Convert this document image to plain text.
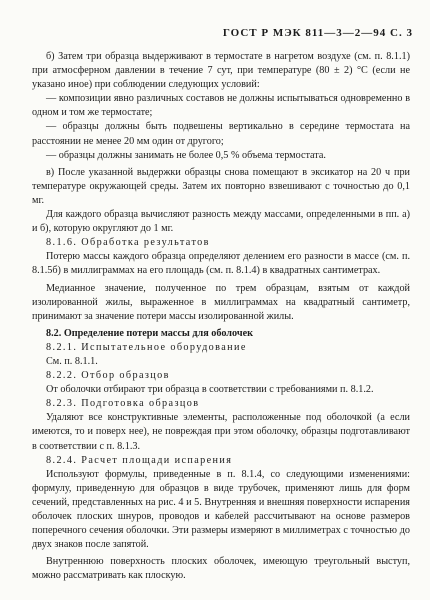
ГОСТ Р МЭК 811—3—2—94 С. 3

б) Затем три образца выдерживают в термостате в нагретом воздухе (см. п. 8.1.1) при атмосферном давлении в течение 7 сут, при температуре (80 ± 2) °С (если не указано иное) при соблюдении следующих условий:

— композиции явно различных составов не должны испытываться одновременно в одном и том же термостате;

— образцы должны быть подвешены вертикально в середине термостата на расстоянии не менее 20 мм один от другого;

— образцы должны занимать не более 0,5 % объема термостата.

в) После указанной выдержки образцы снова помещают в эксикатор на 20 ч при температуре окружающей среды. Затем их повторно взвешивают с точностью до 0,1 мг.

Для каждого образца вычисляют разность между массами, определенными в пп. а) и б), которую округляют до 1 мг.

8.1.6. Обработка результатов

Потерю массы каждого образца определяют делением его разности в массе (см. п. 8.1.5б) в миллиграммах на его площадь (см. п. 8.1.4) в квадратных сантиметрах.

Медианное значение, полученное по трем образцам, взятым от каждой изолированной жилы, выраженное в миллиграммах на квадратный сантиметр, принимают за значение потери массы изолированной жилы.

8.2. Определение потери массы для оболочек

8.2.1. Испытательное оборудование

См. п. 8.1.1.

8.2.2. Отбор образцов

От оболочки отбирают три образца в соответствии с требованиями п. 8.1.2.

8.2.3. Подготовка образцов

Удаляют все конструктивные элементы, расположенные под оболочкой (а если имеются, то и поверх нее), не повреждая при этом оболочку, образцы подготавливают в соответствии с п. 8.1.3.

8.2.4. Расчет площади испарения

Используют формулы, приведенные в п. 8.1.4, со следующими изменениями: формулу, приведенную для образцов в виде трубочек, применяют лишь для форм сечений, представленных на рис. 4 и 5. Внутренняя и внешняя поверхности испарения оболочек плоских шнуров, проводов и кабелей рассчитывают на основе размеров поперечного сечения оболочки. Эти размеры измеряют в миллиметрах с точностью до двух знаков после запятой.

Внутреннюю поверхность плоских оболочек, имеющую треугольный выступ, можно рассматривать как плоскую.
